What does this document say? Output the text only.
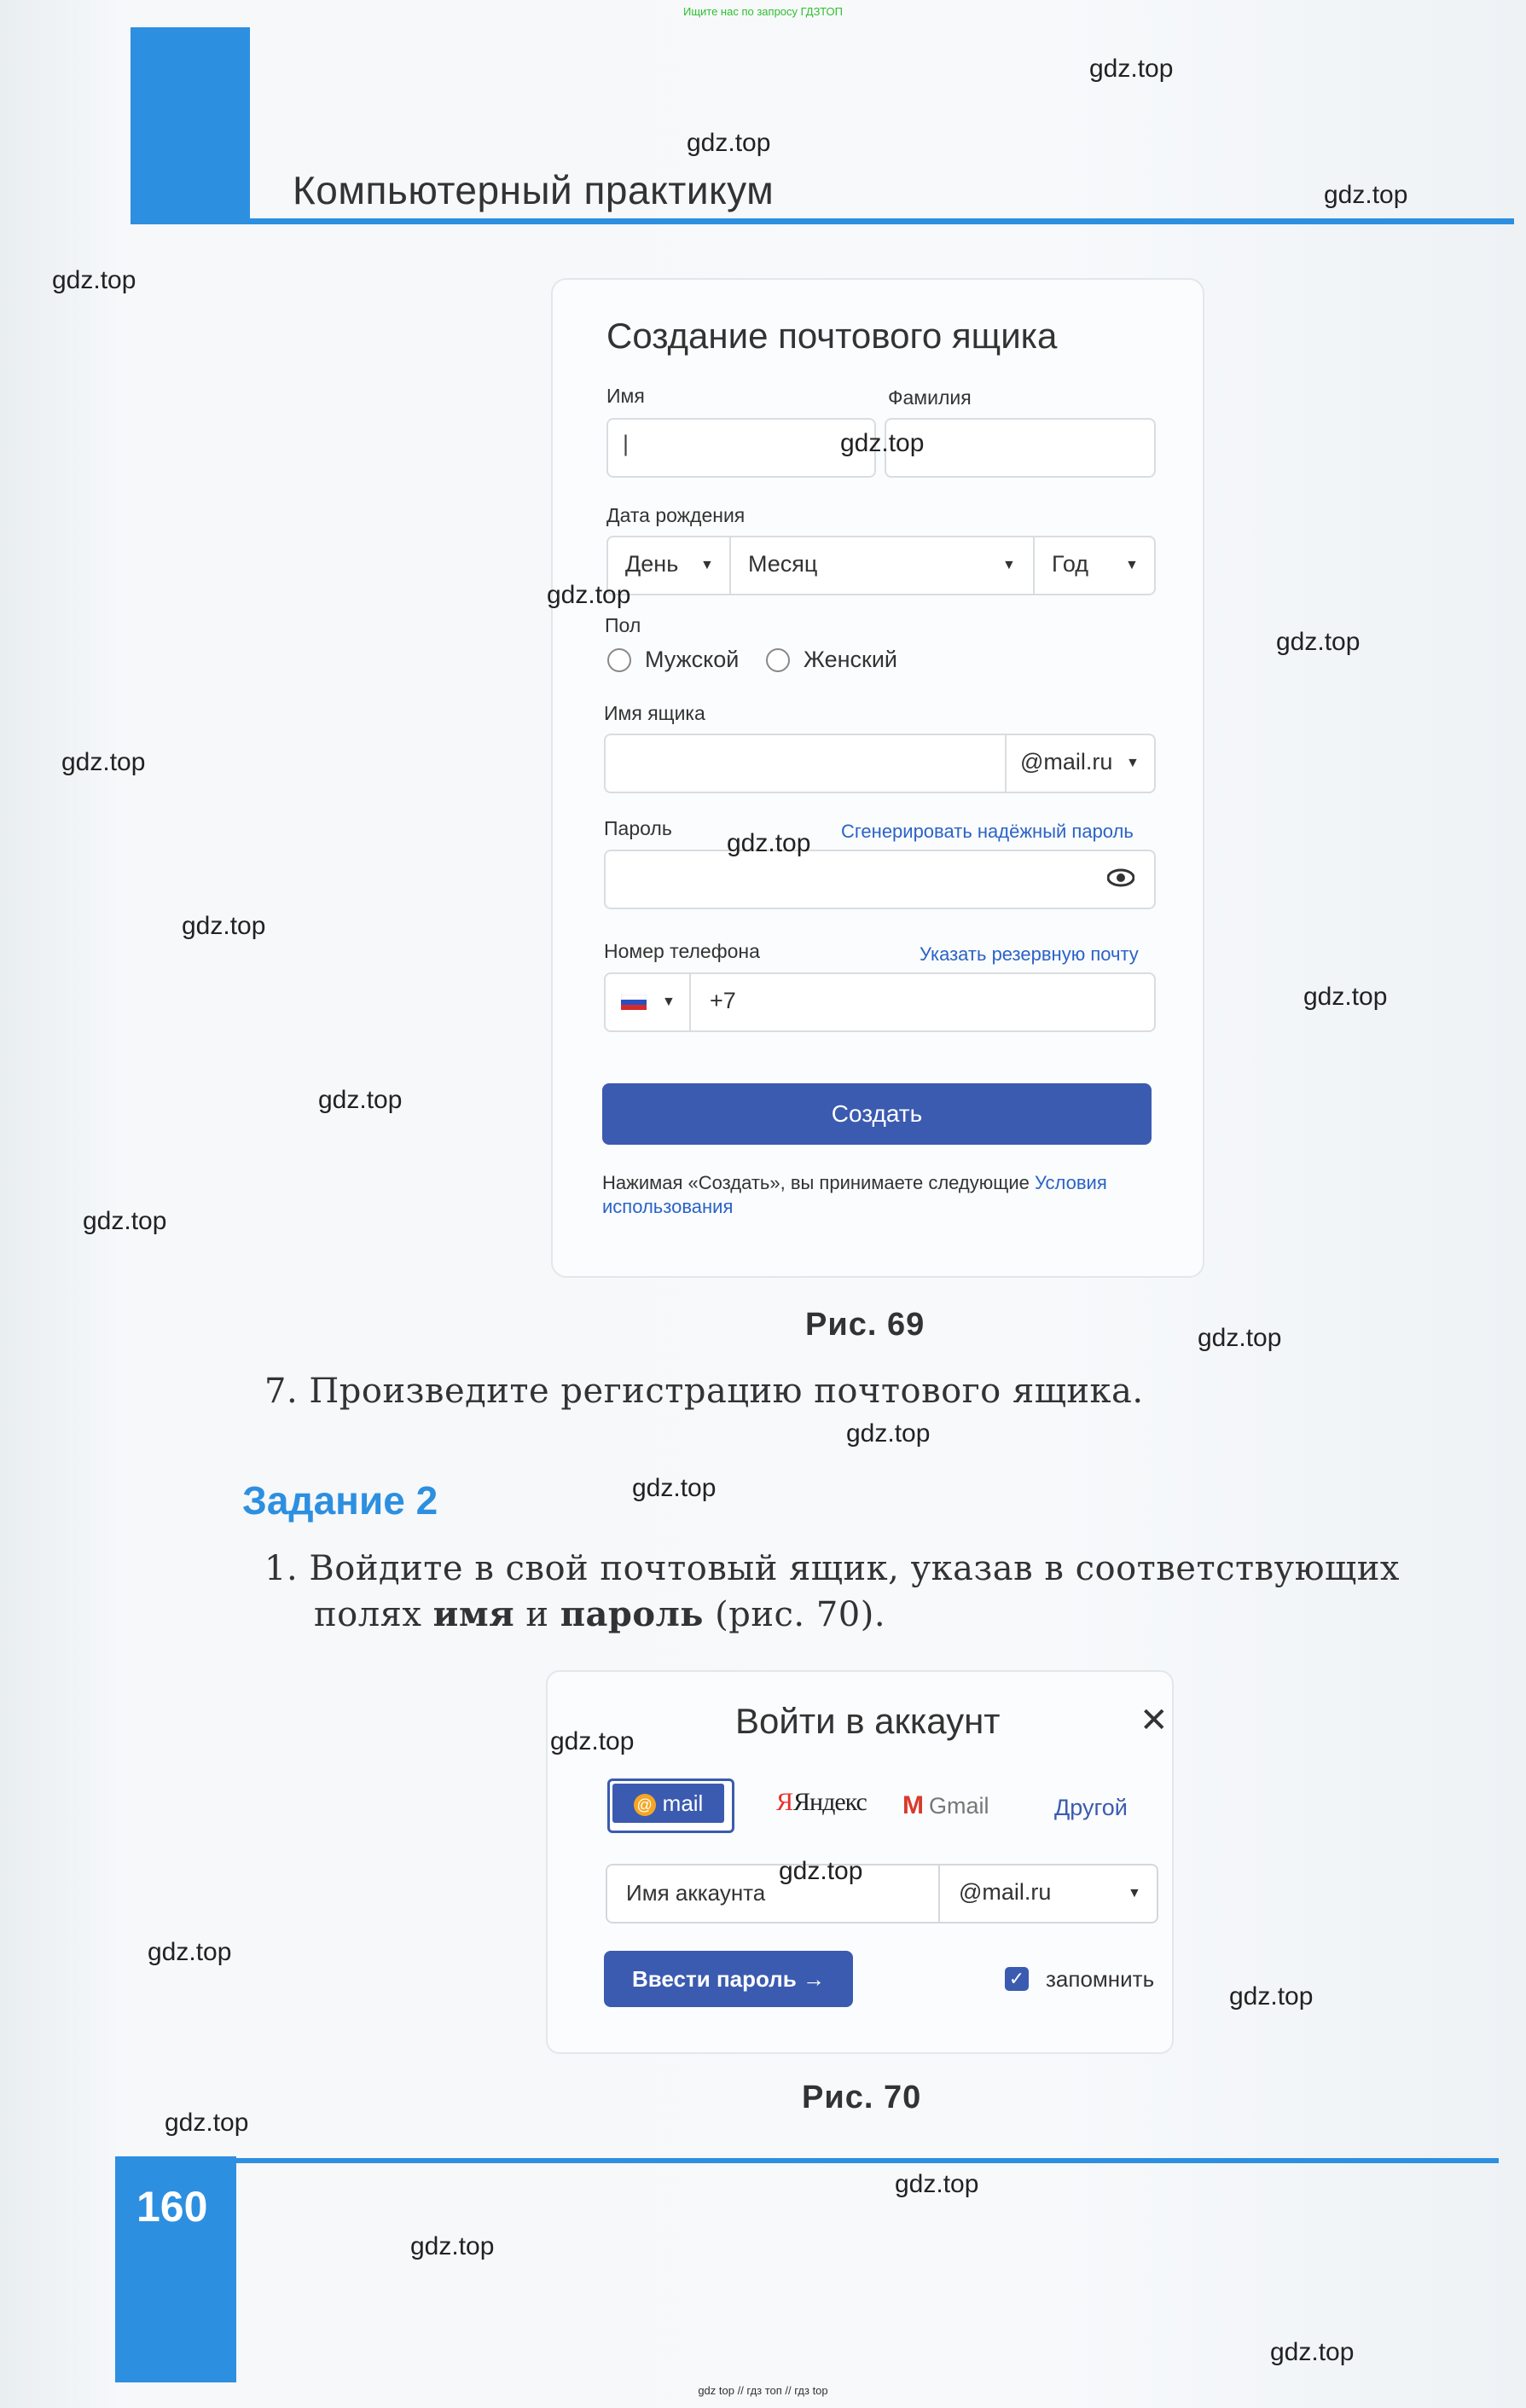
Ищите нас по запросу ГДЗТОП
Компьютерный практикум
Создание почтового ящика
Имя	Фамилия
|
Дата рождения
День ▼ Месяц	▼ Год	▼
Пол
Мужской	Женский
Имя ящика
@mail.ru ▼
Пароль	Сгенерировать надёжный пароль
Номер телефона	Указать резервную почту
▼ +7
Создать
Нажимая «Создать», вы принимаете следующие Условия
использования
Рис. 69
7. Произведите регистрацию почтового ящика.
Задание 2
1. Войдите в свой почтовый ящик, указав в соответствующих
полях имя и пароль (рис. 70).
Войти в аккаунт	✕
@ mail	ЯЯндекс M Gmail	Другой
Имя аккаунта	@mail.ru	▼
Ввести пароль →	✓ запомнить
Рис. 70
160
gdz top // гдз топ // гдз top
gdz.top
gdz.top
gdz.top
gdz.top
gdz.top
gdz.top
gdz.top
gdz.top
gdz.top
gdz.top
gdz.top
gdz.top
gdz.top
gdz.top
gdz.top
gdz.top
gdz.top
gdz.top
gdz.top
gdz.top
gdz.top
gdz.top
gdz.top
gdz.top
